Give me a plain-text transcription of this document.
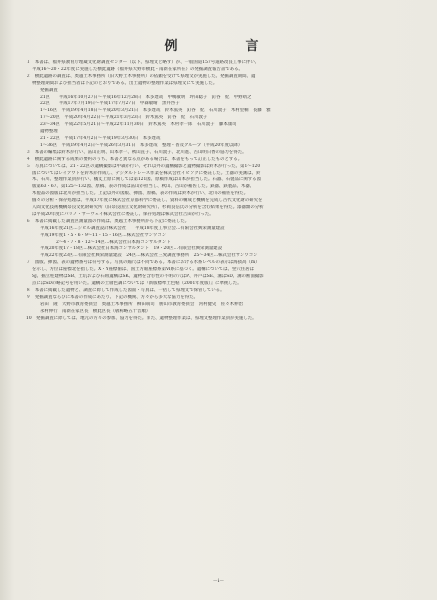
例　　言
１　本書は、福井県教育庁埋蔵文化財調査センター（以下、県埋文と略す）が、一般国道157号道路改良工事に伴い、
平成16～20・22年度に実施した横此遺跡（福井県大野市横此・南新在家所在）の発掘調査報告書である。
２　横此遺跡の調査は、奥越土木事務所（旧大野土木事務所）の依頼を受けて県埋文が実施した。発掘調査期間、遺
物整理期間および担当者は下記のとおりである。出土遺物の整理作業は県埋文にて実施した。
発掘調査
21区　　平成16年10月27日～平成16年12月28日　本多達哉　中嶋敏明　坪田聡子　釘谷　紀　中野靖之
22区　　平成17年7月19日～平成17年7月27日　中森敏晴　黒井啓子
1～16区　平成19年4月18日～平成20年3月21日　本多達哉　鈴木篤英　釘谷　紀　石川敦子　木村里桐　長藤　雅
17～20区　平成20年4月22日～平成21年3月23日　鈴木篤英　釘谷　紀　石川敦子
23～34区　平成22年5月21日～平成22年11月30日　鈴木篤英　木村孝一郎　石川敦子　藤本康司
遺物整理
21・22区　平成17年4月2日～平成19年3月30日　本多達哉
1～36区　平成19年4月2日～平成26年3月31日　本多達哉　整理・普及グループ（平成20年度以降）
３　本書の編集は鈴木が行い、冨山正明、山本孝一、秋山直子、石川敦子、北川進、古山明日香の協力を得た。
４　横此遺跡に関する成果の要約のうち、本書と異なる点がある場合は、本書をもって訂正したものとする。
５　写真については、21・22区の遺構撮影は中森が行い、それ以外の遺構撮影と遺物撮影は鈴木が行った。第1～120
図についてはレイアウトを鈴木が作成し、デジタルトレース作業を株式会社イビソクに委託した。土器の実測は、鈴
木、石川、整理作業員が行い、橘丈上原に関しては第121図、原稿作成は山本が担当した。石器、石製品に関する図
版第63・67、第125～132図、原稿、表の作成は冨山が担当し、秋山、古山が補佐した。鉄器、鉄製品、木器、
木製品の図版は北川が担当した。上記以外の図版、挿図、原稿、表の作成は鈴木が行い、北川の補佐を得た。
個々の分析・保存処理は、平成17年度に株式会社京都科学に委託し、資料の構成と機構を完成し古代文化財の研究を
人間文化技術機構奈良文化財研究所（旧奈良国立文化財研究所）、杉岡良信氏の分析を含む結果を得た。漆器類の分析
は平成20年度にパリノ・サーヴェイ株式会社に委託し、保存処理は株式会社吉田が行った。
６　本書に掲載した調査区測量図の作成は、奥越土木事務所から下記に委託した。
平成16年度21区…ジビル調査設計株式会社　　平成18年度工事立会…有限会社興栄測量建設
平成19年度1・5・6・9～11・15・16区…株式会社サンワコン
2～4・7・8・12～14区…株式会社日本海コンサルタント
平成20年度17・18区…株式会社日本海コンサルタント　19・20区…有限会社興栄測量建設
平成22年度23区…有限会社興栄測量建設　24区…株式会社三愛調査事務所　25～34区…株式会社サンワコン
７　図版、挿図、表の遺物番号は符号する。写真の縮尺は不同である。本書における水系レベルの表示は海抜高（m）
を示し、方位は座標北を指した。X・Y座標値は、国土方眼座標系第Ⅵ系に基づく。遺構については、竪穴住居は
SJ、掘立柱建物はSB、土坑および石組遺構はSK、遺物を含む性の不明の穴はP、井戸はSE、溝はSD、溝の断面撮影
点にはSDの略記号を用いた。遺構の土層色調については『新版標準土色帖（2001年度版）』に準拠した。
８　本書に掲載した遺物と、調査に際して作成した図面・写真は、一括して県埋文で保管している。
９　発掘調査ならびに本書の作成にあたり、下記の機関、方々から多大な協力を得た。
岩田　隆　大野市教育委員会　奥越土木事務所　柳田萌司　勝山市教育委員会　河村健史　佐々木伸治
永村伸行　南新在家区長　横此区長（敬称略五十音順）
10　発掘調査に際しては、地元の方々の参加、協力を得た。また、遺物整理作業は、県埋文整理作業員が実施した。
－ⅰ－
